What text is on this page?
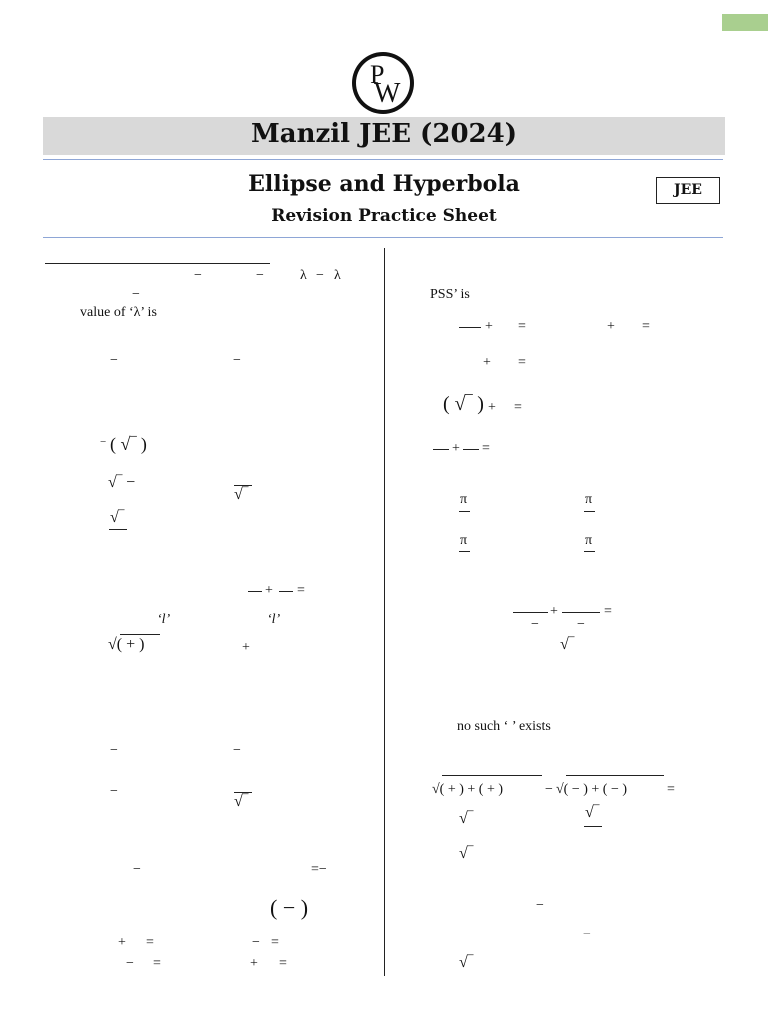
P
W
Manzil JEE (2024)
Ellipse and Hyperbola
Revision Practice Sheet
JEE
−	−	λ − λ
−
value of ‘λ’ is
−	−
− ( √‾ )
√‾ −
√‾
√‾
+ =
‘l’	‘l’
√( + )	+
−	−
−
√‾
−	=−
( − )
+ =	− =
− =	+ =
PSS’ is
+ =	+ =
+ =
( √‾ ) + =
+ =
π	π
π	π
+	=
−	−
√‾
no such ‘ ’ exists
√( + ) + ( + )	− √( − ) + ( − )	=
√‾	√‾
√‾
−
−
√‾
